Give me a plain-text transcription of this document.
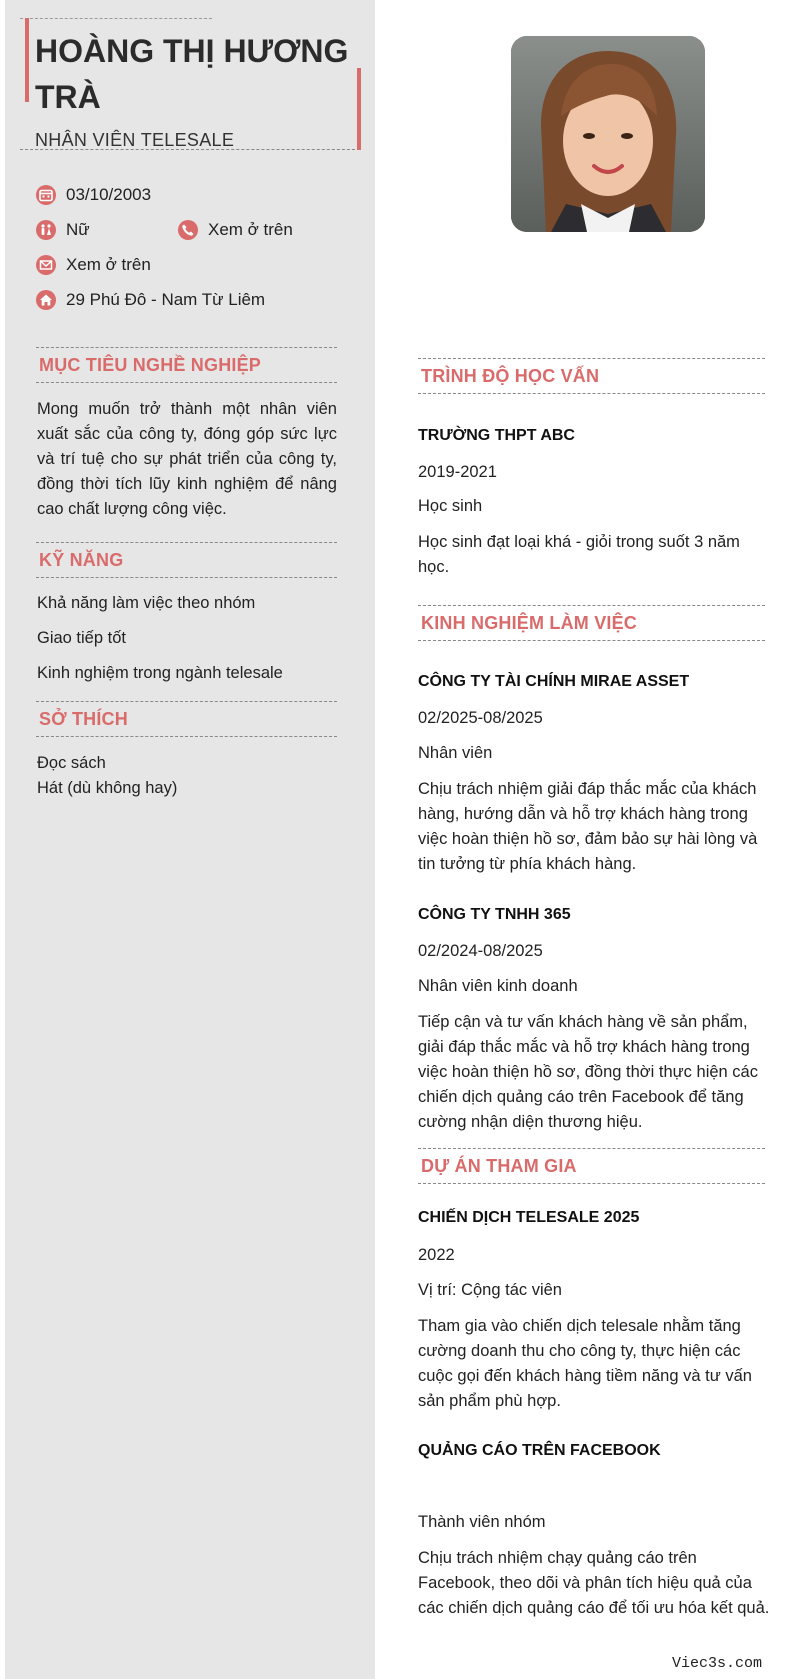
HOÀNG THỊ HƯƠNG TRÀ
NHÂN VIÊN TELESALE
03/10/2003
Nữ	Xem ở trên
Xem ở trên
29 Phú Đô - Nam Từ Liêm
MỤC TIÊU NGHỀ NGHIỆP
Mong muốn trở thành một nhân viên xuất sắc của công ty, đóng góp sức lực và trí tuệ cho sự phát triển của công ty, đồng thời tích lũy kinh nghiệm để nâng cao chất lượng công việc.
KỸ NĂNG
Khả năng làm việc theo nhóm
Giao tiếp tốt
Kinh nghiệm trong ngành telesale
SỞ THÍCH
Đọc sách
Hát (dù không hay)
TRÌNH ĐỘ HỌC VẤN
TRƯỜNG THPT ABC
2019-2021
Học sinh
Học sinh đạt loại khá - giỏi trong suốt 3 năm học.
KINH NGHIỆM LÀM VIỆC
CÔNG TY TÀI CHÍNH MIRAE ASSET
02/2025-08/2025
Nhân viên
Chịu trách nhiệm giải đáp thắc mắc của khách hàng, hướng dẫn và hỗ trợ khách hàng trong việc hoàn thiện hồ sơ, đảm bảo sự hài lòng và tin tưởng từ phía khách hàng.
CÔNG TY TNHH 365
02/2024-08/2025
Nhân viên kinh doanh
Tiếp cận và tư vấn khách hàng về sản phẩm, giải đáp thắc mắc và hỗ trợ khách hàng trong việc hoàn thiện hồ sơ, đồng thời thực hiện các chiến dịch quảng cáo trên Facebook để tăng cường nhận diện thương hiệu.
DỰ ÁN THAM GIA
CHIẾN DỊCH TELESALE 2025
2022
Vị trí: Cộng tác viên
Tham gia vào chiến dịch telesale nhằm tăng cường doanh thu cho công ty, thực hiện các cuộc gọi đến khách hàng tiềm năng và tư vấn sản phẩm phù hợp.
QUẢNG CÁO TRÊN FACEBOOK
Thành viên nhóm
Chịu trách nhiệm chạy quảng cáo trên Facebook, theo dõi và phân tích hiệu quả của các chiến dịch quảng cáo để tối ưu hóa kết quả.
Viec3s.com
